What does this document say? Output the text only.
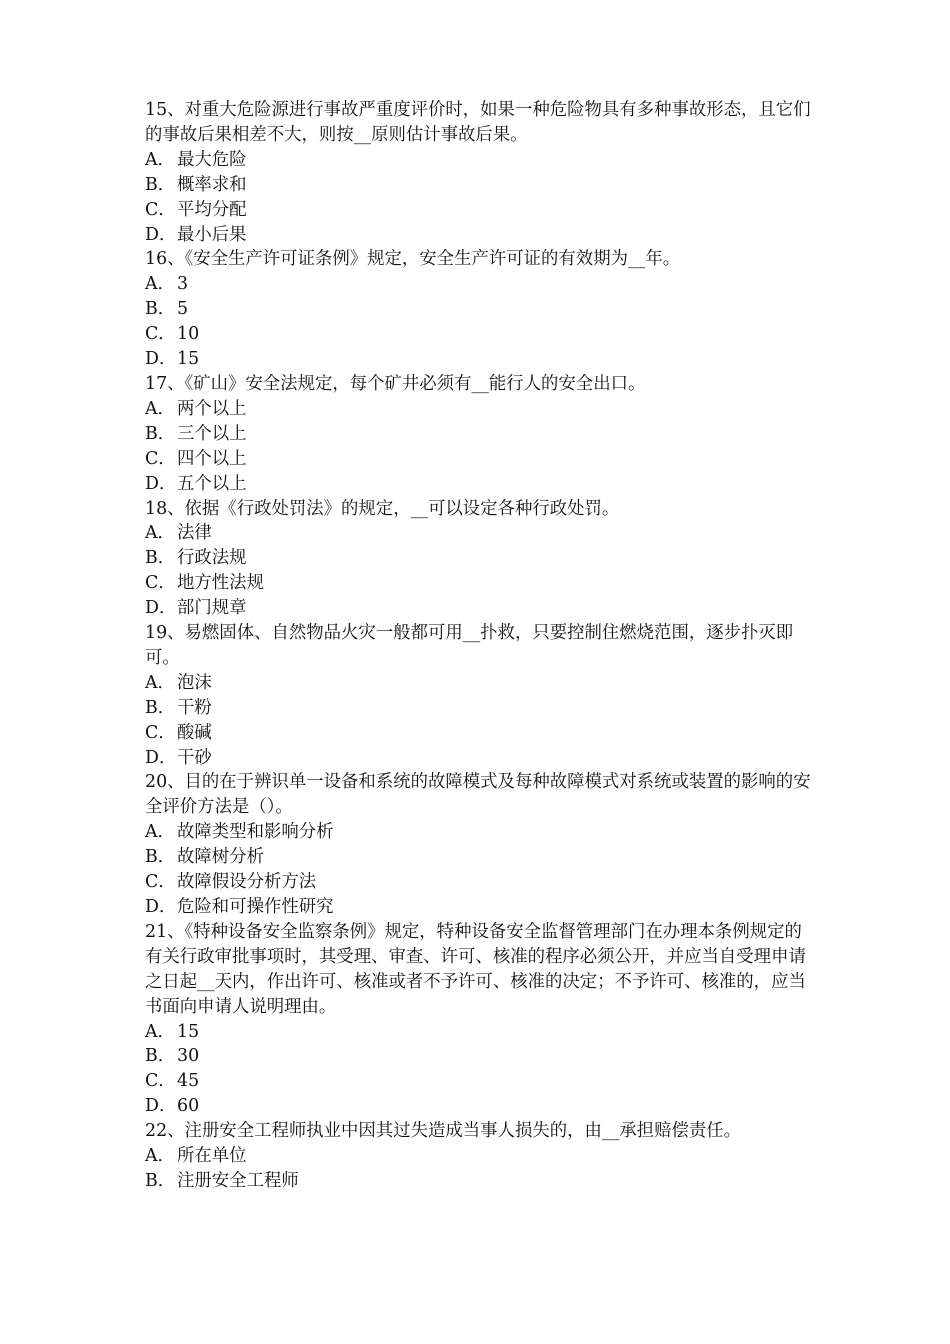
15、对重大危险源进行事故严重度评价时，如果一种危险物具有多种事故形态，且它们的事故后果相差不大，则按__原则估计事故后果。
A． 最大危险
B． 概率求和
C．平均分配
D．最小后果
16、《安全生产许可证条例》规定，安全生产许可证的有效期为__年。
A． 3
B． 5
C．10
D．15
17、《矿山》安全法规定，每个矿井必须有__能行人的安全出口。
A． 两个以上
B． 三个以上
C．四个以上
D．五个以上
18、依据《行政处罚法》的规定，__可以设定各种行政处罚。
A． 法律
B． 行政法规
C．地方性法规
D．部门规章
19、易燃固体、自然物品火灾一般都可用__扑救，只要控制住燃烧范围，逐步扑灭即可。
A． 泡沫
B． 干粉
C．酸碱
D．干砂
20、目的在于辨识单一设备和系统的故障模式及每种故障模式对系统或装置的影响的安全评价方法是（）。
A． 故障类型和影响分析
B． 故障树分析
C．故障假设分析方法
D．危险和可操作性研究
21、《特种设备安全监察条例》规定，特种设备安全监督管理部门在办理本条例规定的有关行政审批事项时，其受理、审查、许可、核准的程序必须公开，并应当自受理申请之日起__天内，作出许可、核准或者不予许可、核准的决定；不予许可、核准的，应当书面向申请人说明理由。
A． 15
B． 30
C．45
D．60
22、注册安全工程师执业中因其过失造成当事人损失的，由__承担赔偿责任。
A． 所在单位
B． 注册安全工程师
